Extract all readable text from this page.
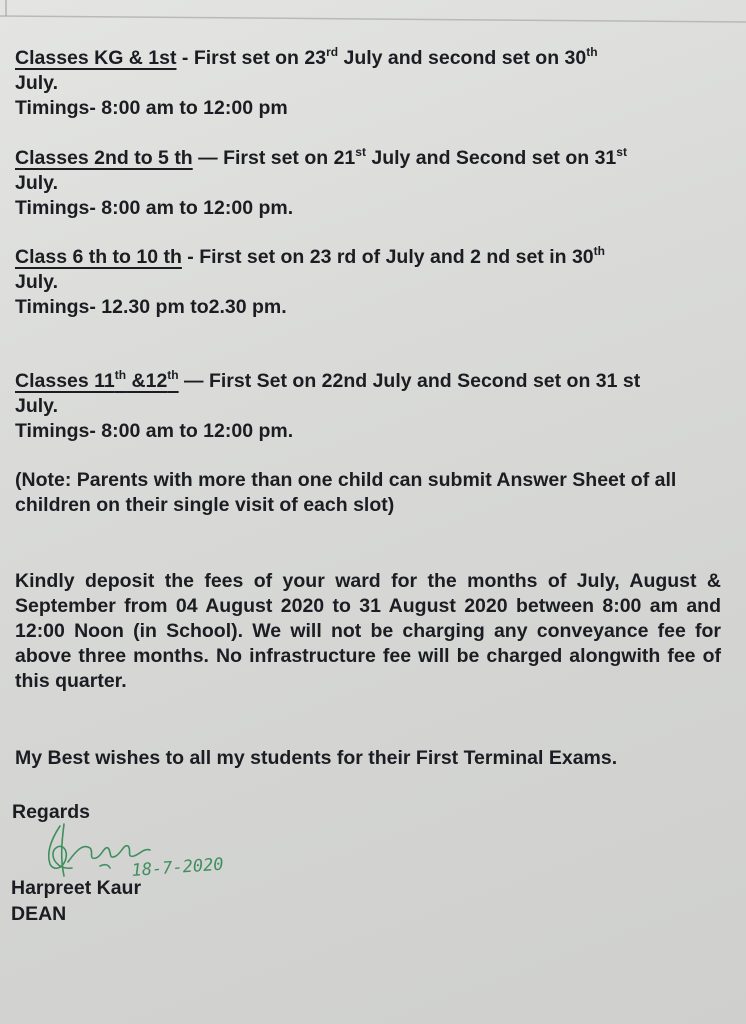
Classes KG & 1st - First set on 23rd July and second set on 30th
July.
Timings- 8:00 am to 12:00 pm
Classes 2nd to 5 th — First set on 21st July and Second set on 31st
July.
Timings- 8:00 am to 12:00 pm.
Class 6 th to 10 th - First set on 23 rd of July and 2 nd set in 30th
July.
Timings- 12.30 pm to2.30 pm.
Classes 11th &12th — First Set on 22nd July and Second set on 31 st
July.
Timings- 8:00 am to 12:00 pm.
(Note: Parents with more than one child can submit Answer Sheet of all children on their single visit of each slot)
Kindly deposit the fees of your ward for the months of July, August & September from 04 August 2020 to 31 August 2020 between 8:00 am and 12:00 Noon (in School). We will not be charging any conveyance fee for above three months. No infrastructure fee will be charged alongwith fee of this quarter.
My Best wishes to all my students for their First Terminal Exams.
Regards
Harpreet Kaur
DEAN
18-7-2020
